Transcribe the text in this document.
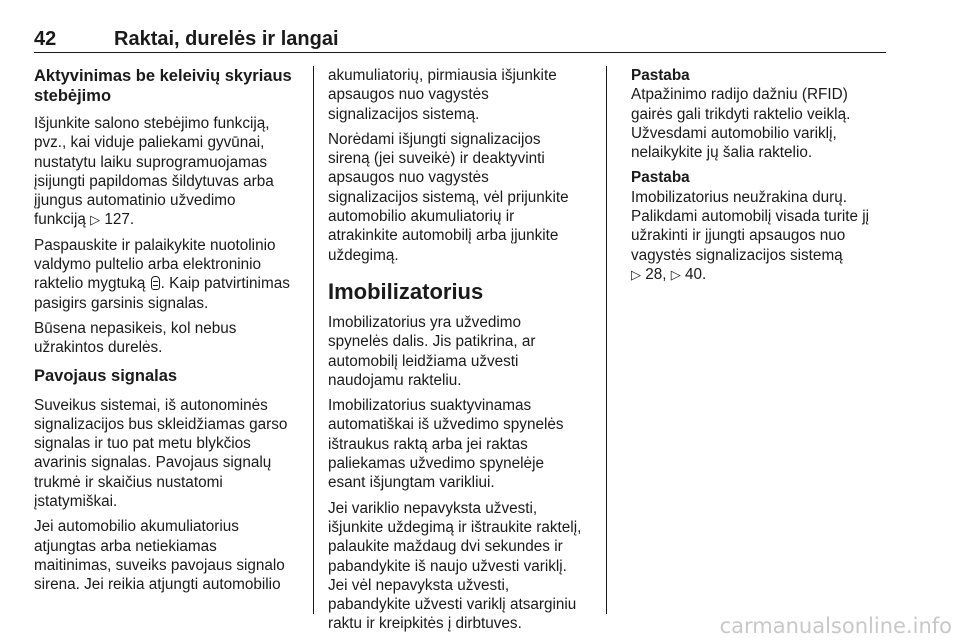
42	Raktai, durelės ir langai
Aktyvinimas be keleivių skyriaus
stebėjimo

Išjunkite salono stebėjimo funkciją,
pvz., kai viduje paliekami gyvūnai,
nustatytu laiku suprogramuojamas
įsijungti papildomas šildytuvas arba
įjungus automatinio užvedimo
funkciją ▷ 127.

Paspauskite ir palaikykite nuotolinio
valdymo pultelio arba elektroninio
raktelio mygtuką . Kaip patvirtinimas
pasigirs garsinis signalas.

Būsena nepasikeis, kol nebus
užrakintos durelės.

Pavojaus signalas

Suveikus sistemai, iš autonominės
signalizacijos bus skleidžiamas garso
signalas ir tuo pat metu blykčios
avarinis signalas. Pavojaus signalų
trukmė ir skaičius nustatomi
įstatymiškai.

Jei automobilio akumuliatorius
atjungtas arba netiekiamas
maitinimas, suveiks pavojaus signalo
sirena. Jei reikia atjungti automobilio

akumuliatorių, pirmiausia išjunkite
apsaugos nuo vagystės
signalizacijos sistemą.

Norėdami išjungti signalizacijos
sireną (jei suveikė) ir deaktyvinti
apsaugos nuo vagystės
signalizacijos sistemą, vėl prijunkite
automobilio akumuliatorių ir
atrakinkite automobilį arba įjunkite
uždegimą.

Imobilizatorius

Imobilizatorius yra užvedimo
spynelės dalis. Jis patikrina, ar
automobilį leidžiama užvesti
naudojamu rakteliu.

Imobilizatorius suaktyvinamas
automatiškai iš užvedimo spynelės
ištraukus raktą arba jei raktas
paliekamas užvedimo spynelėje
esant išjungtam varikliui.

Jei variklio nepavyksta užvesti,
išjunkite uždegimą ir ištraukite raktelį,
palaukite maždaug dvi sekundes ir
pabandykite iš naujo užvesti variklį.
Jei vėl nepavyksta užvesti,
pabandykite užvesti variklį atsarginiu
raktu ir kreipkitės į dirbtuves.

Pastaba

Atpažinimo radijo dažniu (RFID)
gairės gali trikdyti raktelio veiklą.
Užvesdami automobilio variklį,
nelaikykite jų šalia raktelio.

Pastaba

Imobilizatorius neužrakina durų.
Palikdami automobilį visada turite jį
užrakinti ir įjungti apsaugos nuo
vagystės signalizacijos sistemą
▷ 28, ▷ 40.

carmanualsonline.info
